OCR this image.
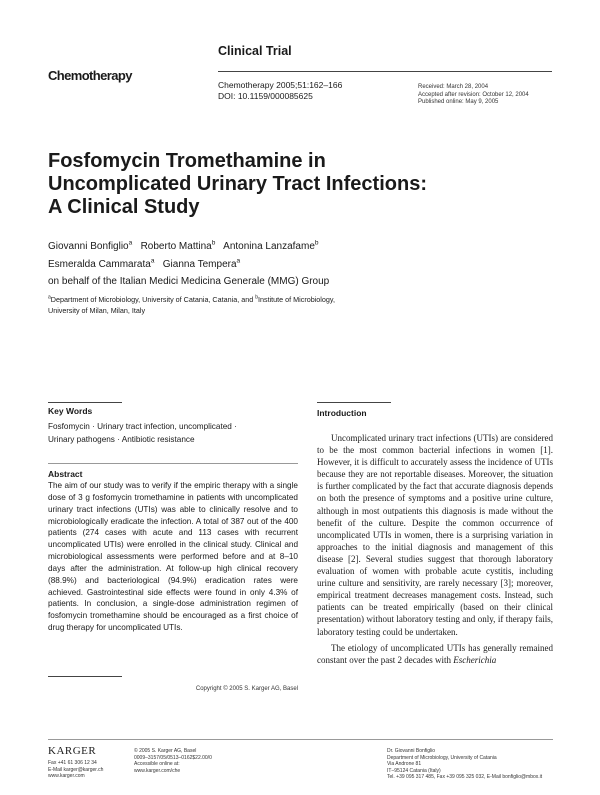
Clinical Trial
Chemotherapy
Chemotherapy 2005;51:162–166
DOI: 10.1159/000085625
Received: March 28, 2004
Accepted after revision: October 12, 2004
Published online: May 9, 2005
Fosfomycin Tromethamine in
Uncomplicated Urinary Tract Infections:
A Clinical Study
Giovanni Bonfiglio$^a$ Roberto Mattina$^b$ Antonina Lanzafame$^b$
Esmeralda Cammarata$^a$ Gianna Tempera$^a$
on behalf of the Italian Medici Medicina Generale (MMG) Group
$^a$Department of Microbiology, University of Catania, Catania, and $^b$Institute of Microbiology,
University of Milan, Milan, Italy
Key Words
Fosfomycin · Urinary tract infection, uncomplicated ·
Urinary pathogens · Antibiotic resistance
Abstract
The aim of our study was to verify if the empiric therapy with a single dose of 3 g fosfomycin tromethamine in patients with uncomplicated urinary tract infections (UTIs) was able to clinically resolve and to microbiologically eradicate the infection. A total of 387 out of the 400 patients (274 cases with acute and 113 cases with recurrent uncomplicated UTIs) were enrolled in the clinical study. Clinical and microbiological assessments were performed before and at 8–10 days after the administration. At follow-up high clinical recovery (88.9%) and bacteriological (94.9%) eradication rates were achieved. Gastrointestinal side effects were found in only 4.3% of patients. In conclusion, a single-dose administration regimen of fosfomycin tromethamine should be encouraged as a first choice of drug therapy for uncomplicated UTIs.
Copyright © 2005 S. Karger AG, Basel
Introduction

Uncomplicated urinary tract infections (UTIs) are considered to be the most common bacterial infections in women [1]. However, it is difficult to accurately assess the incidence of UTIs because they are not reportable diseases. Moreover, the situation is further complicated by the fact that accurate diagnosis depends on both the presence of symptoms and a positive urine culture, although in most outpatients this diagnosis is made without the benefit of the culture. Despite the common occurrence of uncomplicated UTIs in women, there is a surprising variation in approaches to the initial diagnosis and management of this disease [2]. Several studies suggest that thorough laboratory evaluation of women with probable acute cystitis, including urine culture and sensitivity, are rarely necessary [3]; moreover, empirical treatment decreases management costs. Instead, such patients can be treated empirically (based on their clinical presentation) without laboratory testing and only, if therapy fails, laboratory testing could be undertaken.

The etiology of uncomplicated UTIs has generally remained constant over the past 2 decades with Escherichia

KARGER
Fax +41 61 306 12 34
E-Mail karger@karger.ch
www.karger.com
© 2005 S. Karger AG, Basel
0009–3157/05/0513–0162$22.00/0
Accessible online at:
www.karger.com/che
Dr. Giovanni Bonfiglio
Department of Microbiology, University of Catania
Via Androne 81
IT–95124 Catania (Italy)
Tel. +39 095 317 485, Fax +39 095 325 032, E-Mail bonfiglio@mbox.it
